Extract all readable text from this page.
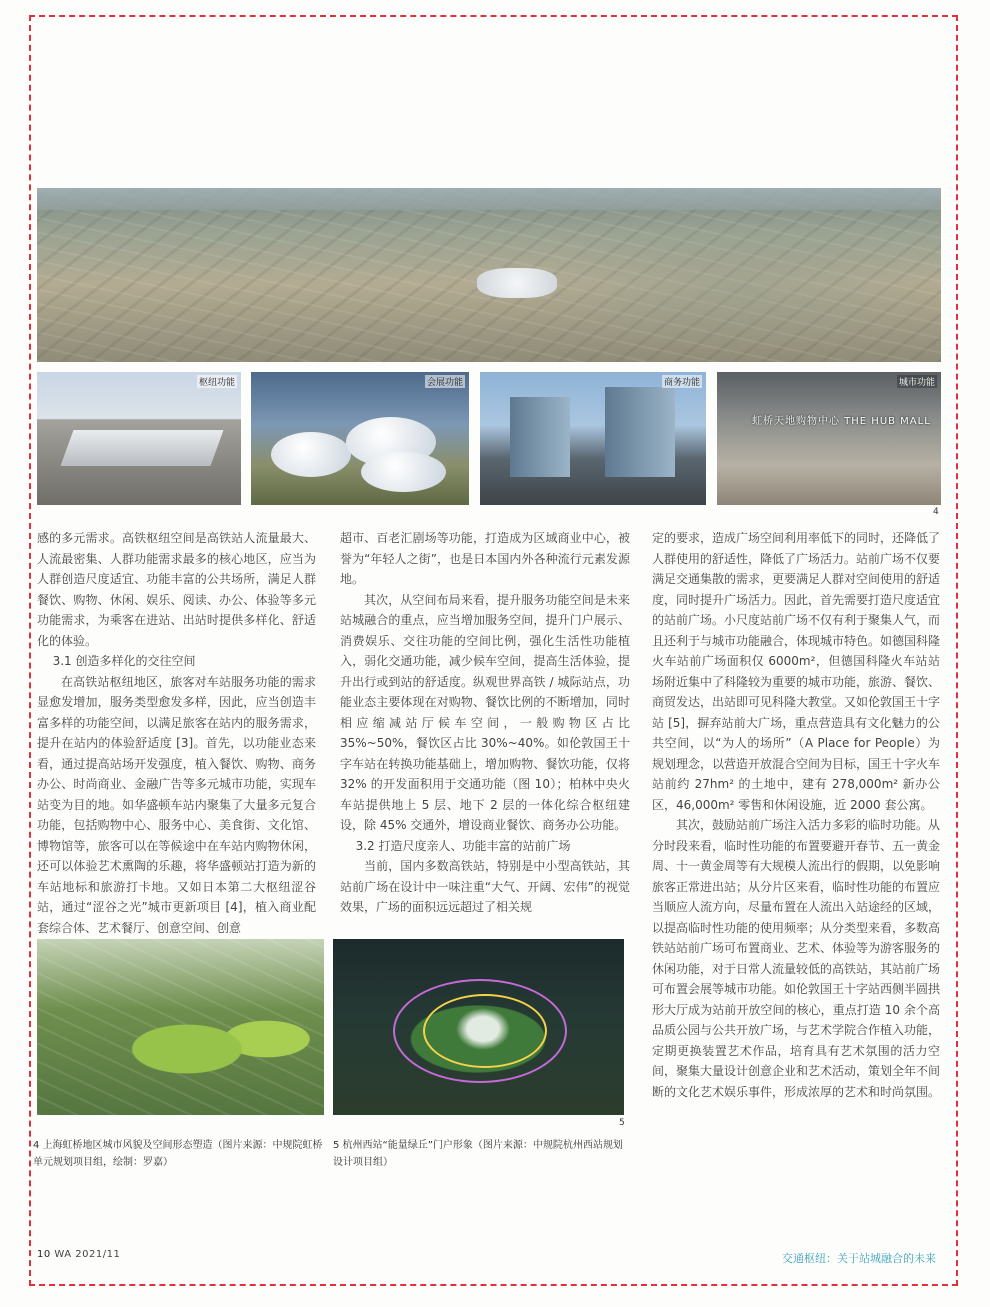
枢纽功能	会展功能	商务功能
虹桥天地购物中心 THE HUB MALL
城市功能
4

感的多元需求。高铁枢纽空间是高铁站人流量最大、人流最密集、人群功能需求最多的核心地区，应当为人群创造尺度适宜、功能丰富的公共场所，满足人群餐饮、购物、休闲、娱乐、阅读、办公、体验等多元功能需求，为乘客在进站、出站时提供多样化、舒适化的体验。

3.1 创造多样化的交往空间

在高铁站枢纽地区，旅客对车站服务功能的需求显愈发增加，服务类型愈发多样，因此，应当创造丰富多样的功能空间，以满足旅客在站内的服务需求，提升在站内的体验舒适度 [3]。首先，以功能业态来看，通过提高站场开发强度，植入餐饮、购物、商务办公、时尚商业、金融广告等多元城市功能，实现车站变为目的地。如华盛顿车站内聚集了大量多元复合功能，包括购物中心、服务中心、美食街、文化馆、博物馆等，旅客可以在等候途中在车站内购物休闲，还可以体验艺术熏陶的乐趣，将华盛顿站打造为新的车站地标和旅游打卡地。又如日本第二大枢纽涩谷站，通过“涩谷之光”城市更新项目 [4]，植入商业配套综合体、艺术餐厅、创意空间、创意

超市、百老汇剧场等功能，打造成为区域商业中心，被誉为“年轻人之街”，也是日本国内外各种流行元素发源地。

其次，从空间布局来看，提升服务功能空间是未来站城融合的重点，应当增加服务空间，提升门户展示、消费娱乐、交往功能的空间比例，强化生活性功能植入，弱化交通功能，减少候车空间，提高生活体验，提升出行或到站的舒适度。纵观世界高铁 / 城际站点，功能业态主要体现在对购物、餐饮比例的不断增加，同时相应缩减站厅候车空间，一般购物区占比 35%~50%，餐饮区占比 30%~40%。如伦敦国王十字车站在转换功能基础上，增加购物、餐饮功能，仅将 32% 的开发面积用于交通功能（图 10）；柏林中央火车站提供地上 5 层、地下 2 层的一体化综合枢纽建设，除 45% 交通外，增设商业餐饮、商务办公功能。

3.2 打造尺度亲人、功能丰富的站前广场

当前，国内多数高铁站，特别是中小型高铁站，其站前广场在设计中一味注重“大气、开阔、宏伟”的视觉效果，广场的面积远远超过了相关规

定的要求，造成广场空间利用率低下的同时，还降低了人群使用的舒适性，降低了广场活力。站前广场不仅要满足交通集散的需求，更要满足人群对空间使用的舒适度，同时提升广场活力。因此，首先需要打造尺度适宜的站前广场。小尺度站前广场不仅有利于聚集人气，而且还利于与城市功能融合，体现城市特色。如德国科隆火车站前广场面积仅 6000m²，但德国科隆火车站站场附近集中了科隆较为重要的城市功能，旅游、餐饮、商贸发达，出站即可见科隆大教堂。又如伦敦国王十字站 [5]，摒弃站前大广场，重点营造具有文化魅力的公共空间，以“为人的场所”（A Place for People）为规划理念，以营造开放混合空间为目标，国王十字火车站前约 27hm² 的土地中，建有 278,000m² 新办公区，46,000m² 零售和休闲设施，近 2000 套公寓。

其次，鼓励站前广场注入活力多彩的临时功能。从分时段来看，临时性功能的布置要避开春节、五一黄金周、十一黄金周等有大规模人流出行的假期，以免影响旅客正常进出站；从分片区来看，临时性功能的布置应当顺应人流方向，尽量布置在人流出入站途经的区域，以提高临时性功能的使用频率；从分类型来看，多数高铁站站前广场可布置商业、艺术、体验等为游客服务的休闲功能，对于日常人流量较低的高铁站，其站前广场可布置会展等城市功能。如伦敦国王十字站西侧半圆拱形大厅成为站前开放空间的核心，重点打造 10 余个高品质公园与公共开放广场，与艺术学院合作植入功能，定期更换装置艺术作品，培育具有艺术氛围的活力空间，聚集大量设计创意企业和艺术活动，策划全年不间断的文化艺术娱乐事件，形成浓厚的艺术和时尚氛围。

5
4 上海虹桥地区城市风貌及空间形态塑造（图片来源：中规院虹桥单元规划项目组，绘制：罗嘉）
5 杭州西站“能量绿丘”门户形象（图片来源：中规院杭州西站规划设计项目组）
10 WA 2021/11	交通枢纽：关于站城融合的未来
